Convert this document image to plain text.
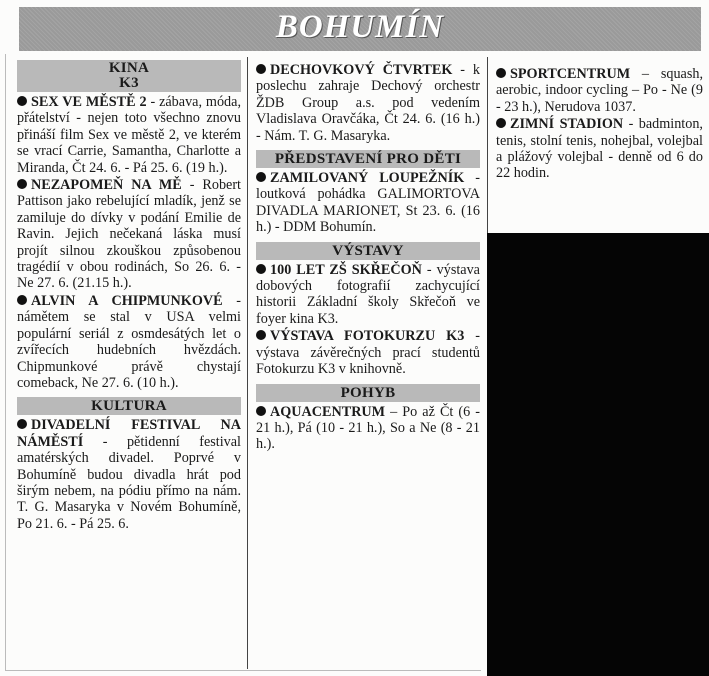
BOHUMÍN
KINA
K3

SEX VE MĚSTĚ 2 - zábava, móda, přátelství - nejen toto všechno znovu přináší film Sex ve městě 2, ve kterém se vrací Carrie, Samantha, Charlotte a Miranda, Čt 24. 6. - Pá 25. 6. (19 h.).

NEZAPOMEŇ NA MĚ - Robert Pattison jako rebelující mladík, jenž se zamiluje do dívky v podání Emilie de Ravin. Jejich nečekaná láska musí projít silnou zkouškou způsobenou tragédií v obou rodinách, So 26. 6. - Ne 27. 6. (21.15 h.).

ALVIN A CHIPMUNKOVÉ - námětem se stal v USA velmi populární seriál z osmdesátých let o zvířecích hudebních hvězdách. Chipmunkové právě chystají comeback, Ne 27. 6. (10 h.).

KULTURA

DIVADELNÍ FESTIVAL NA NÁMĚSTÍ - pětidenní festival amatérských divadel. Poprvé v Bohumíně budou divadla hrát pod širým nebem, na pódiu přímo na nám. T. G. Masaryka v Novém Bohumíně, Po 21. 6. - Pá 25. 6.

DECHOVKOVÝ ČTVRTEK - k poslechu zahraje Dechový orchestr ŽDB Group a.s. pod vedením Vladislava Oravčáka, Čt 24. 6. (16 h.) - Nám. T. G. Masaryka.

PŘEDSTAVENÍ PRO DĚTI

ZAMILOVANÝ LOUPEŽNÍK - loutková pohádka GALIMORTOVA DIVADLA MARIONET, St 23. 6. (16 h.) - DDM Bohumín.

VÝSTAVY

100 LET ZŠ SKŘEČOŇ - výstava dobových fotografií zachycující historii Základní školy Skřečoň ve foyer kina K3.

VÝSTAVA FOTOKURZU K3 - výstava závěrečných prací studentů Fotokurzu K3 v knihovně.

POHYB

AQUACENTRUM – Po až Čt (6 - 21 h.), Pá (10 - 21 h.), So a Ne (8 - 21 h.).

SPORTCENTRUM – squash, aerobic, indoor cycling – Po - Ne (9 - 23 h.), Nerudova 1037.

ZIMNÍ STADION - badminton, tenis, stolní tenis, nohejbal, volejbal a plážový volejbal - denně od 6 do 22 hodin.
